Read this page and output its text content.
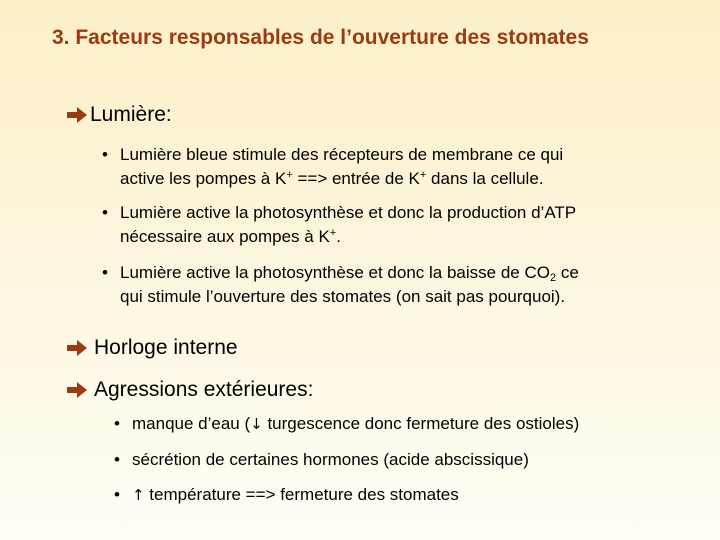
3. Facteurs responsables de l’ouverture des stomates
Lumière:
• Lumière bleue stimule des récepteurs de membrane ce qui
active les pompes à K+ ==> entrée de K+ dans la cellule.
• Lumière active la photosynthèse et donc la production d’ATP
nécessaire aux pompes à K+.
• Lumière active la photosynthèse et donc la baisse de $CO_2$ ce
qui stimule l’ouverture des stomates (on sait pas pourquoi).
Horloge interne
Agressions extérieures:
• manque d’eau (↓ turgescence donc fermeture des ostioles)
• sécrétion de certaines hormones (acide abscissique)
• ↑ température ==> fermeture des stomates
